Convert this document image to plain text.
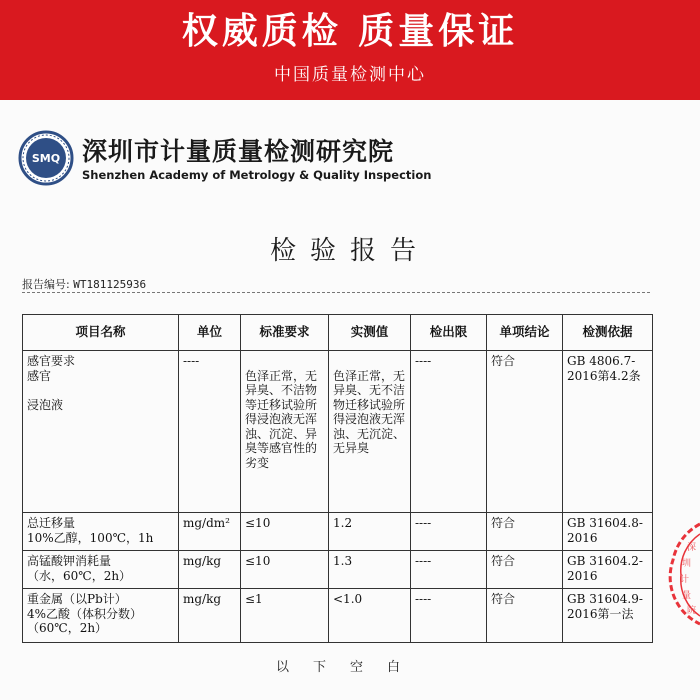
权威质检 质量保证
中国质量检测中心
SMQ 深圳市计量质量检测研究院
Shenzhen Academy of Metrology & Quality Inspection
检验报告
报告编号: WT181125936
项目名称	单位	标准要求	实测值	检出限	单项结论	检测依据

感官要求
感官
浸泡液	----	色泽正常，无异臭、不洁物等迁移试验所得浸泡液无浑浊、沉淀、异臭等感官性的劣变	色泽正常，无异臭、无不洁物迁移试验所得浸泡液无浑浊、无沉淀、无异臭	----	符合	GB 4806.7-2016第4.2条

总迁移量
10%乙醇，100℃，1h	mg/dm²	≤10	1.2	----	符合	GB 31604.8-2016

高锰酸钾消耗量
（水，60℃，2h）	mg/kg	≤10	1.3	----	符合	GB 31604.2-2016

重金属（以Pb计）
4%乙酸（体积分数）
（60℃，2h）	mg/kg	≤1	<1.0	----	符合	GB 31604.9-2016第一法
以下空白
深
圳
计
量
院
